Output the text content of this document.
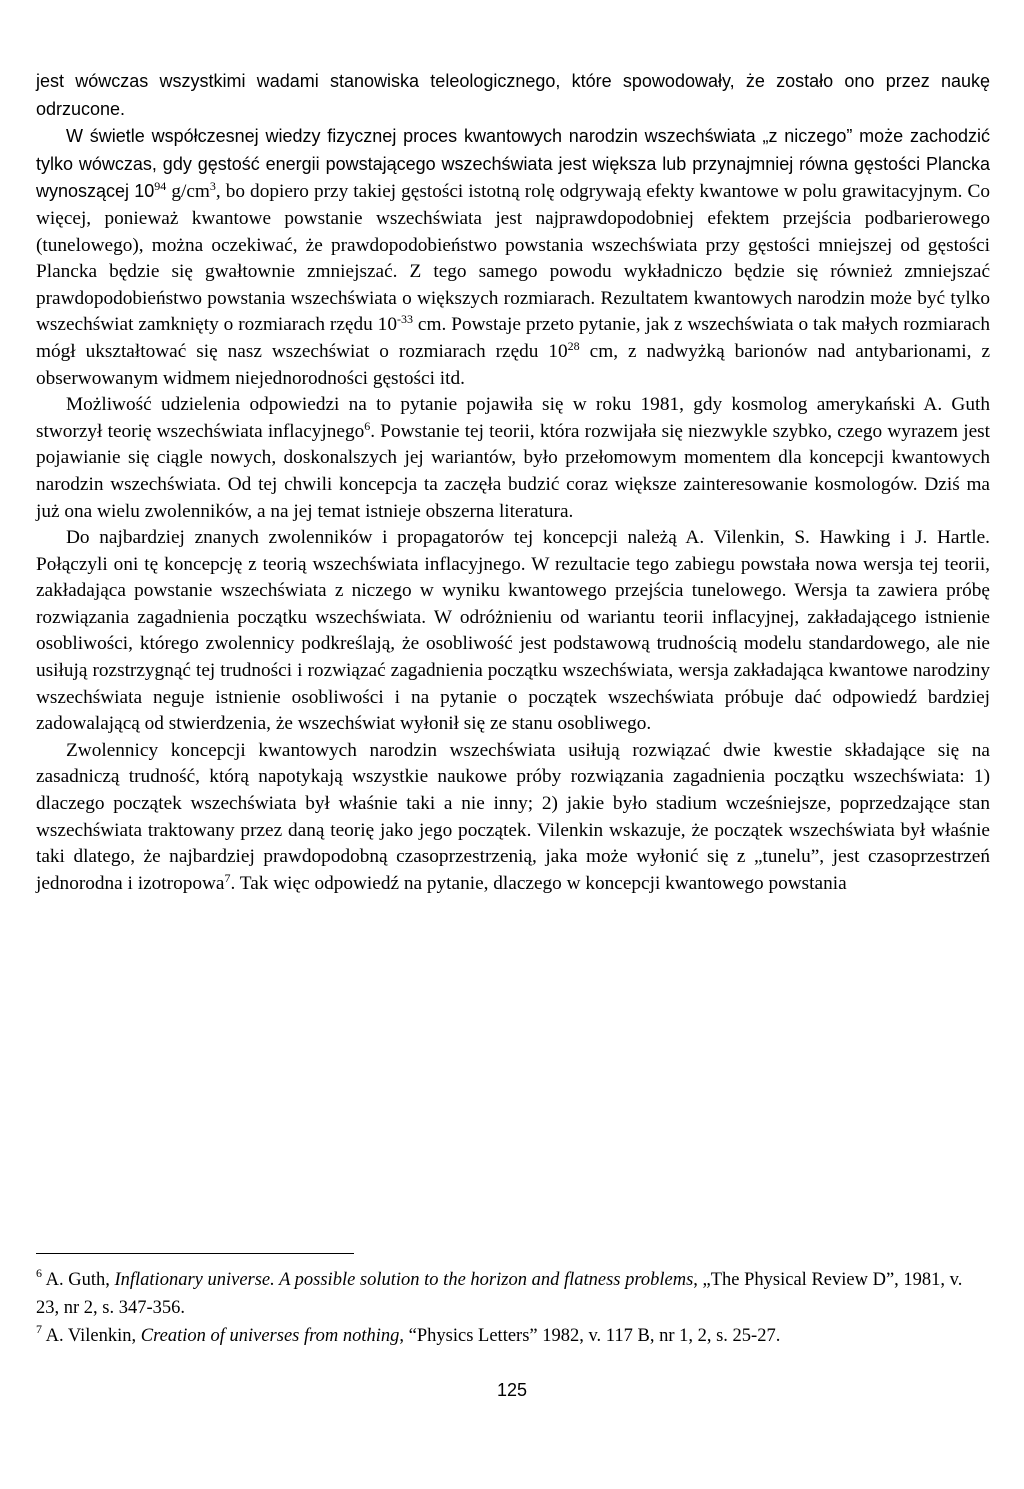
jest wówczas wszystkimi wadami stanowiska teleologicznego, które spowodowały, że zostało ono przez naukę odrzucone.

W świetle współczesnej wiedzy fizycznej proces kwantowych narodzin wszechświata „z niczego” może zachodzić tylko wówczas, gdy gęstość energii powstającego wszechświata jest większa lub przynajmniej równa gęstości Plancka wynoszącej $10^{94}$ $g/cm^3$, bo dopiero przy takiej gęstości istotną rolę odgrywają efekty kwantowe w polu grawitacyjnym. Co więcej, ponieważ kwantowe powstanie wszechświata jest najprawdopodobniej efektem przejścia podbarierowego (tunelowego), można oczekiwać, że prawdopodobieństwo powstania wszechświata przy gęstości mniejszej od gęstości Plancka będzie się gwałtownie zmniejszać. Z tego samego powodu wykładniczo będzie się również zmniejszać prawdopodobieństwo powstania wszechświata o większych rozmiarach. Rezultatem kwantowych narodzin może być tylko wszechświat zamknięty o rozmiarach rzędu $10^{-33}$ cm. Powstaje przeto pytanie, jak z wszechświata o tak małych rozmiarach mógł ukształtować się nasz wszechświat o rozmiarach rzędu $10^{28}$ cm, z nadwyżką barionów nad antybarionami, z obserwowanym widmem niejednorodności gęstości itd.

Możliwość udzielenia odpowiedzi na to pytanie pojawiła się w roku 1981, gdy kosmolog amerykański A. Guth stworzył teorię wszechświata inflacyjnego$^6$. Powstanie tej teorii, która rozwijała się niezwykle szybko, czego wyrazem jest pojawianie się ciągle nowych, doskonalszych jej wariantów, było przełomowym momentem dla koncepcji kwantowych narodzin wszechświata. Od tej chwili koncepcja ta zaczęła budzić coraz większe zainteresowanie kosmologów. Dziś ma już ona wielu zwolenników, a na jej temat istnieje obszerna literatura.

Do najbardziej znanych zwolenników i propagatorów tej koncepcji należą A. Vilenkin, S. Hawking i J. Hartle. Połączyli oni tę koncepcję z teorią wszechświata inflacyjnego. W rezultacie tego zabiegu powstała nowa wersja tej teorii, zakładająca powstanie wszechświata z niczego w wyniku kwantowego przejścia tunelowego. Wersja ta zawiera próbę rozwiązania zagadnienia początku wszechświata. W odróżnieniu od wariantu teorii inflacyjnej, zakładającego istnienie osobliwości, którego zwolennicy podkreślają, że osobliwość jest podstawową trudnością modelu standardowego, ale nie usiłują rozstrzygnąć tej trudności i rozwiązać zagadnienia początku wszechświata, wersja zakładająca kwantowe narodziny wszechświata neguje istnienie osobliwości i na pytanie o początek wszechświata próbuje dać odpowiedź bardziej zadowalającą od stwierdzenia, że wszechświat wyłonił się ze stanu osobliwego.

Zwolennicy koncepcji kwantowych narodzin wszechświata usiłują rozwiązać dwie kwestie składające się na zasadniczą trudność, którą napotykają wszystkie naukowe próby rozwiązania zagadnienia początku wszechświata: 1) dlaczego początek wszechświata był właśnie taki a nie inny; 2) jakie było stadium wcześniejsze, poprzedzające stan wszechświata traktowany przez daną teorię jako jego początek. Vilenkin wskazuje, że początek wszechświata był właśnie taki dlatego, że najbardziej prawdopodobną czasoprzestrzenią, jaka może wyłonić się z „tunelu”, jest czasoprzestrzeń jednorodna i izotropowa$^7$. Tak więc odpowiedź na pytanie, dlaczego w koncepcji kwantowego powstania

$^6$ A. Guth, Inflationary universe. A possible solution to the horizon and flatness problems, „The Physical Review D”, 1981, v. 23, nr 2, s. 347-356.

$^7$ A. Vilenkin, Creation of universes from nothing, “Physics Letters” 1982, v. 117 B, nr 1, 2, s. 25-27.

125
